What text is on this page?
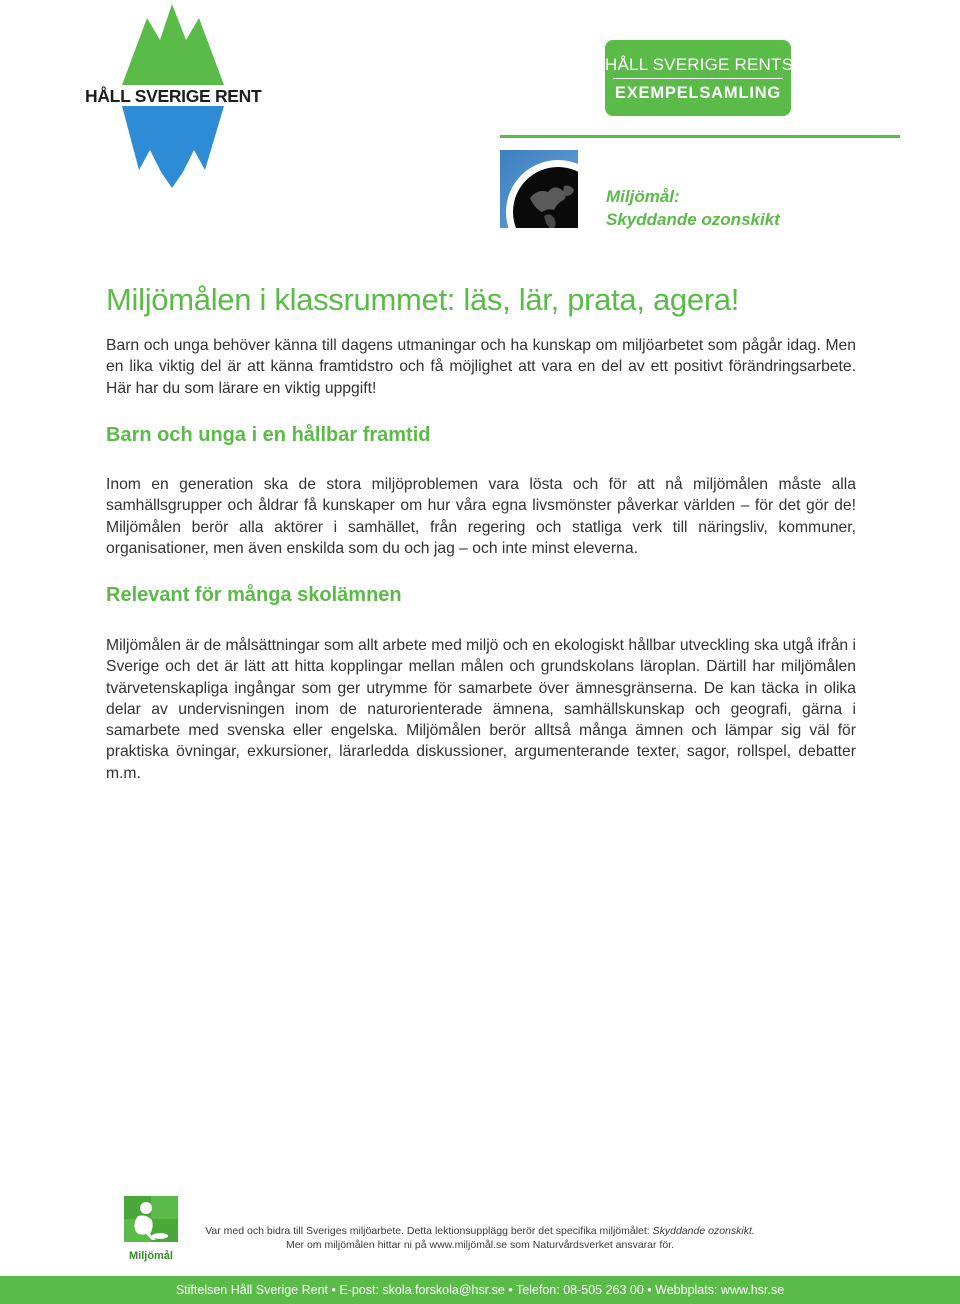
HÅLL SVERIGE RENT
HÅLL SVERIGE RENTS
EXEMPELSAMLING
Miljömål:
Skyddande ozonskikt
Miljömålen i klassrummet: läs, lär, prata, agera!

Barn och unga behöver känna till dagens utmaningar och ha kunskap om miljöarbetet som pågår idag. Men en lika viktig del är att känna framtidstro och få möjlighet att vara en del av ett positivt förändringsarbete. Här har du som lärare en viktig uppgift!

Barn och unga i en hållbar framtid

Inom en generation ska de stora miljöproblemen vara lösta och för att nå miljömålen måste alla samhällsgrupper och åldrar få kunskaper om hur våra egna livsmönster påverkar världen – för det gör de! Miljömålen berör alla aktörer i samhället, från regering och statliga verk till näringsliv, kommuner, organisationer, men även enskilda som du och jag – och inte minst eleverna.

Relevant för många skolämnen

Miljömålen är de målsättningar som allt arbete med miljö och en ekologiskt hållbar utveckling ska utgå ifrån i Sverige och det är lätt att hitta kopplingar mellan målen och grundskolans läroplan. Därtill har miljömålen tvärvetenskapliga ingångar som ger utrymme för samarbete över ämnesgränserna. De kan täcka in olika delar av undervisningen inom de naturorienterade ämnena, samhällskunskap och geografi, gärna i samarbete med svenska eller engelska. Miljömålen berör alltså många ämnen och lämpar sig väl för praktiska övningar, exkursioner, lärarledda diskussioner, argumenterande texter, sagor, rollspel, debatter m.m.

Miljömål
Var med och bidra till Sveriges miljöarbete. Detta lektionsupplägg berör det specifika miljömålet: Skyddande ozonskikt.
Mer om miljömålen hittar ni på www.miljömål.se som Naturvårdsverket ansvarar för.
Stiftelsen Håll Sverige Rent • E-post: skola.forskola@hsr.se • Telefon: 08-505 263 00 • Webbplats: www.hsr.se
